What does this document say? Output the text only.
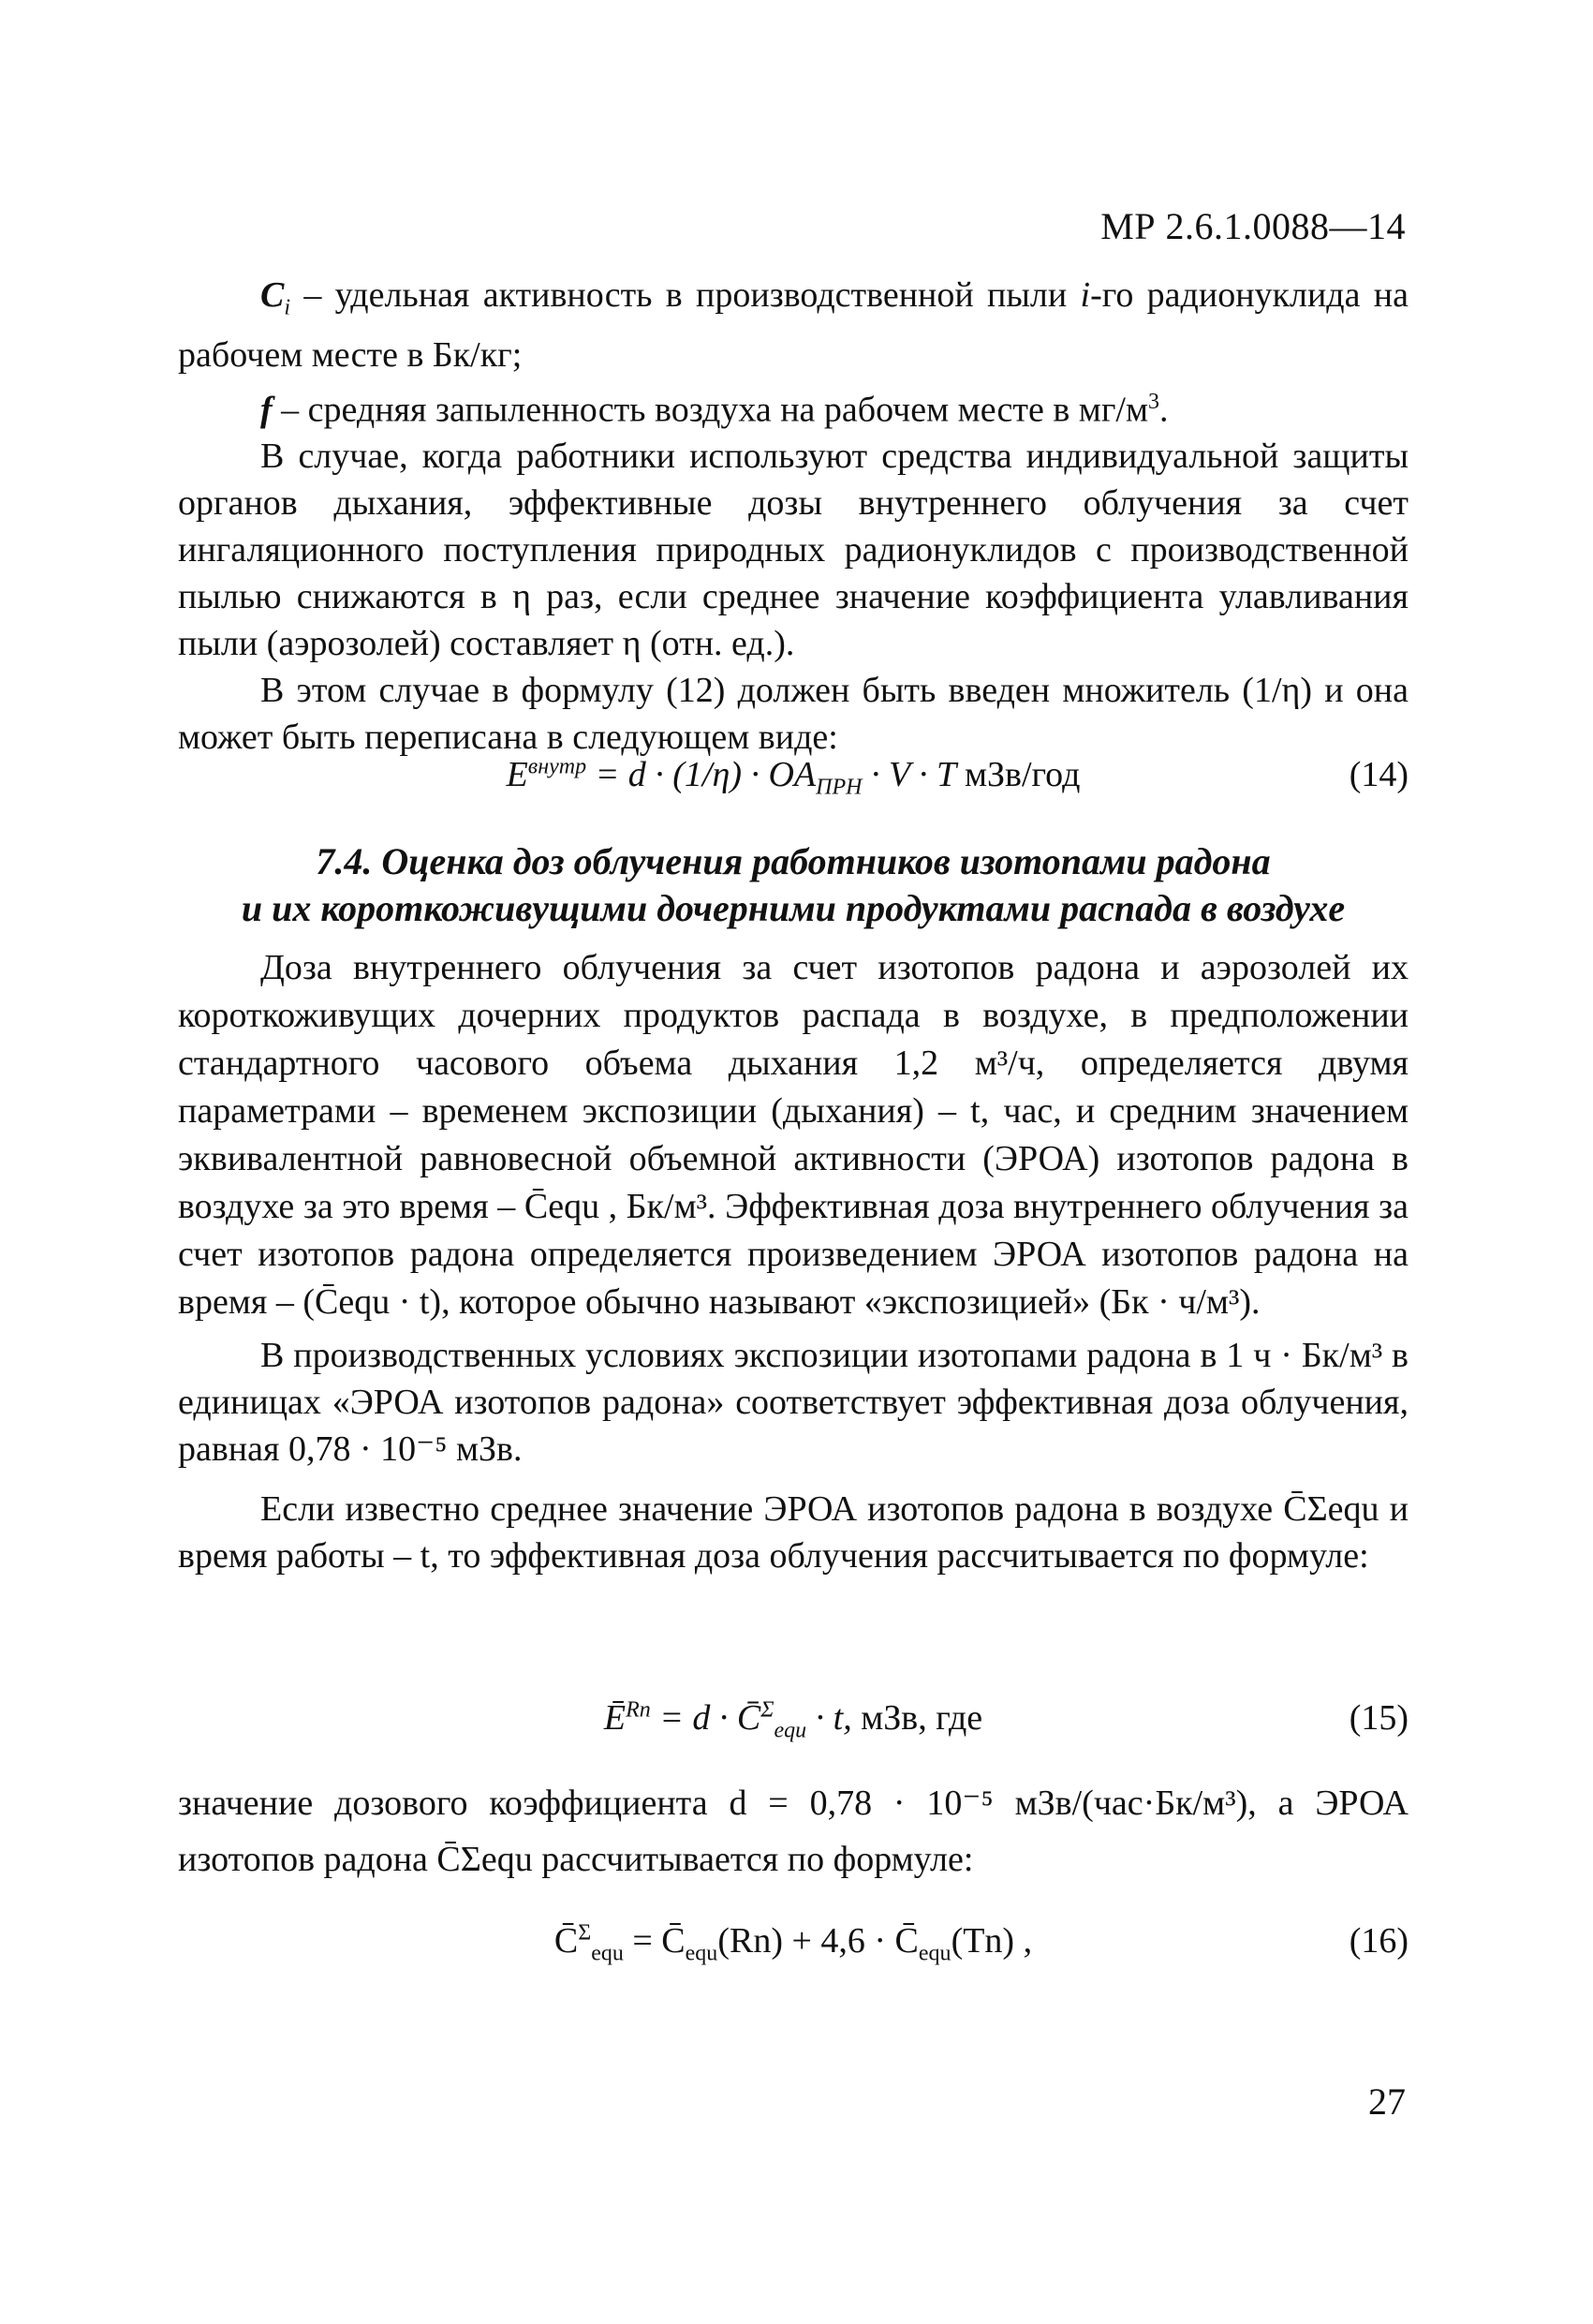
МР 2.6.1.0088—14

$C_i$ – удельная активность в производственной пыли i-го радионуклида на рабочем месте в Бк/кг;

f – средняя запыленность воздуха на рабочем месте в $мг/м^3$.

В случае, когда работники используют средства индивидуальной защиты органов дыхания, эффективные дозы внутреннего облучения за счет ингаляционного поступления природных радионуклидов с производственной пылью снижаются в η раз, если среднее значение коэффициента улавливания пыли (аэрозолей) составляет η (отн. ед.).

В этом случае в формулу (12) должен быть введен множитель (1/η) и она может быть переписана в следующем виде:

$E^{внутр} = d \cdot (1/\eta) \cdot OA_{ПРН} \cdot V \cdot T$ мЗв/год	(14)
7.4. Оценка доз облучения работников изотопами радона
и их короткоживущими дочерними продуктами распада в воздухе

Доза внутреннего облучения за счет изотопов радона и аэрозолей их короткоживущих дочерних продуктов распада в воздухе, в предположении стандартного часового объема дыхания 1,2 м³/ч, определяется двумя параметрами – временем экспозиции (дыхания) – t, час, и средним значением эквивалентной равновесной объемной активности (ЭРОА) изотопов радона в воздухе за это время – C̄equ , Бк/м³. Эффективная доза внутреннего облучения за счет изотопов радона определяется произведением ЭРОА изотопов радона на время – (C̄equ · t), которое обычно называют «экспозицией» (Бк · ч/м³).

В производственных условиях экспозиции изотопами радона в 1 ч · Бк/м³ в единицах «ЭРОА изотопов радона» соответствует эффективная доза облучения, равная 0,78 · 10⁻⁵ мЗв.

Если известно среднее значение ЭРОА изотопов радона в воздухе C̄Σequ и время работы – t, то эффективная доза облучения рассчитывается по формуле:

$Ē^{Rn} = d$ · C̄$^\Sigma_{equ}$ · t, мЗв, где	(15)

значение дозового коэффициента d = 0,78 · 10⁻⁵ мЗв/(час·Бк/м³), а ЭРОА изотопов радона C̄Σequ рассчитывается по формуле:

C̄$^\Sigma_{equ}$ = $C̄_{equ}(Rn) + 4,6$ · $C̄_{equ}(Tn)$ ,	(16)
27
